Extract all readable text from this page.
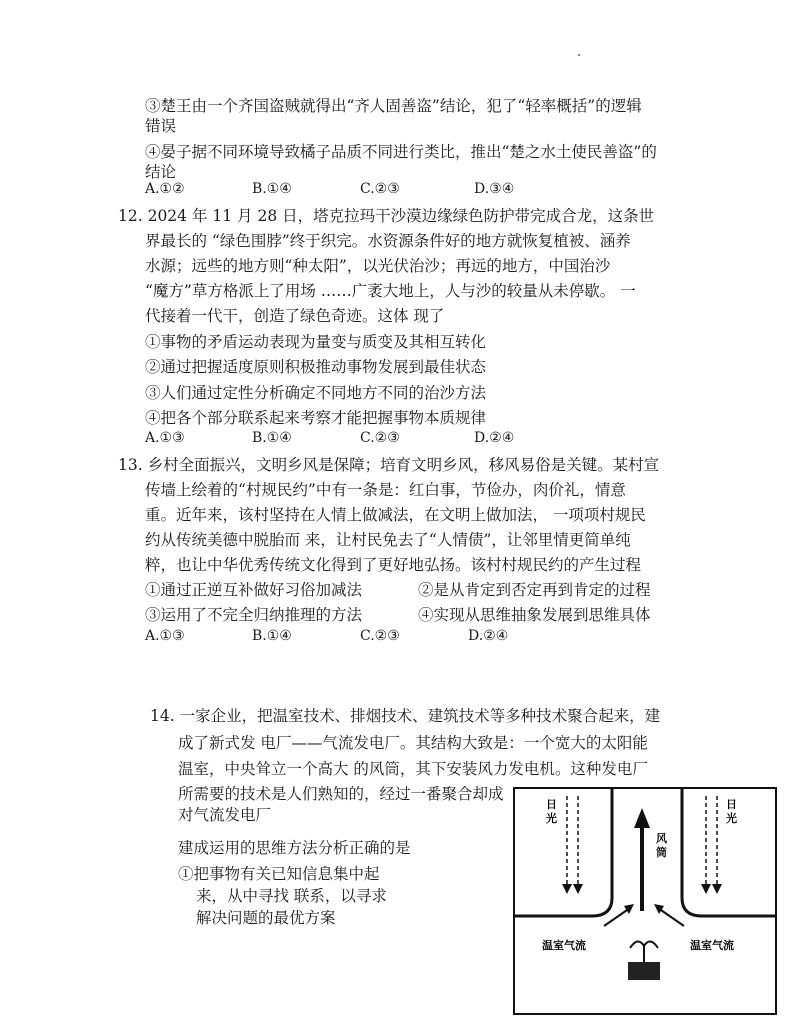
③楚王由一个齐国盗贼就得出“齐人固善盗”结论，犯了“轻率概括”的逻辑
错误
④晏子据不同环境导致橘子品质不同进行类比，推出“楚之水土使民善盗”的
结论
A.①②	B.①④	C.②③	D.③④
12. 2024 年 11 月 28 日，塔克拉玛干沙漠边缘绿色防护带完成合龙，这条世
界最长的 “绿色围脖”终于织完。水资源条件好的地方就恢复植被、涵养
水源；远些的地方则“种太阳”，以光伏治沙；再远的地方，中国治沙
“魔方”草方格派上了用场 ……广袤大地上，人与沙的较量从未停歇。 一
代接着一代干，创造了绿色奇迹。这体 现了
①事物的矛盾运动表现为量变与质变及其相互转化
②通过把握适度原则积极推动事物发展到最佳状态
③人们通过定性分析确定不同地方不同的治沙方法
④把各个部分联系起来考察才能把握事物本质规律
A.①③	B.①④	C.②③	D.②④
13. 乡村全面振兴，文明乡风是保障；培育文明乡风，移风易俗是关键。某村宣
传墙上绘着的“村规民约”中有一条是：红白事，节俭办，肉价礼，情意
重。近年来，该村坚持在人情上做减法，在文明上做加法， 一项项村规民
约从传统美德中脱胎而 来，让村民免去了“人情债”，让邻里情更简单纯
粹，也让中华优秀传统文化得到了更好地弘扬。该村村规民约的产生过程
①通过正逆互补做好习俗加减法	②是从肯定到否定再到肯定的过程
③运用了不完全归纳推理的方法	④实现从思维抽象发展到思维具体
A.①③	B.①④	C.②③	D.②④
14. 一家企业，把温室技术、排烟技术、建筑技术等多种技术聚合起来，建
成了新式发 电厂——气流发电厂。其结构大致是：一个宽大的太阳能
温室，中央耸立一个高大 的风筒，其下安装风力发电机。这种发电厂
所需要的技术是人们熟知的，经过一番聚合却成
对气流发电厂
建成运用的思维方法分析正确的是
①把事物有关已知信息集中起
来，从中寻找 联系，以寻求
解决问题的最优方案
日
光
日
光
风
筒
温室气流	温室气流
